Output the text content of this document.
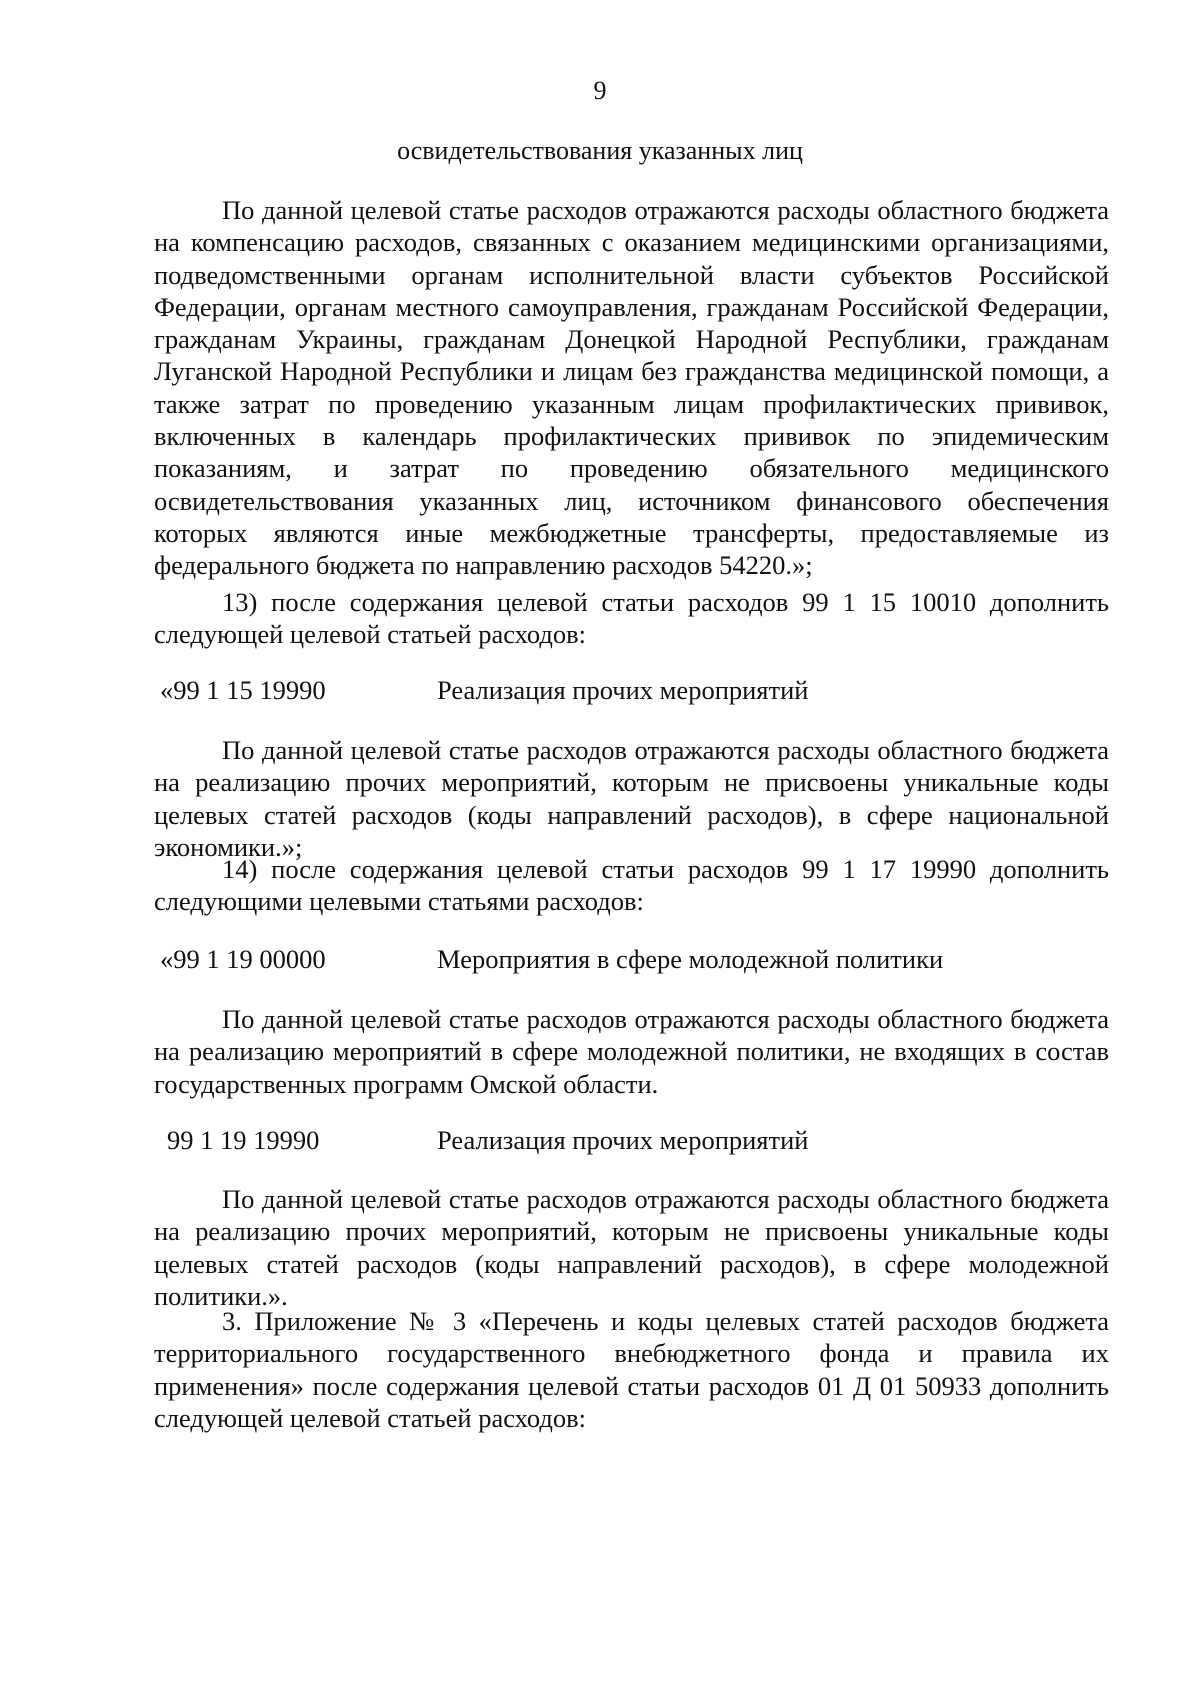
9
освидетельствования указанных лиц

По данной целевой статье расходов отражаются расходы областного бюджета на компенсацию расходов, связанных с оказанием медицинскими организациями, подведомственными органам исполнительной власти субъектов Российской Федерации, органам местного самоуправления, гражданам Российской Федерации, гражданам Украины, гражданам Донецкой Народной Республики, гражданам Луганской Народной Республики и лицам без гражданства медицинской помощи, а также затрат по проведению указанным лицам профилактических прививок, включенных в календарь профилактических прививок по эпидемическим показаниям, и затрат по проведению обязательного медицинского освидетельствования указанных лиц, источником финансового обеспечения которых являются иные межбюджетные трансферты, предоставляемые из федерального бюджета по направлению расходов 54220.»;

13) после содержания целевой статьи расходов 99 1 15 10010 дополнить следующей целевой статьей расходов:

«99 1 15 19990	Реализация прочих мероприятий

По данной целевой статье расходов отражаются расходы областного бюджета на реализацию прочих мероприятий, которым не присвоены уникальные коды целевых статей расходов (коды направлений расходов), в сфере национальной экономики.»;

14) после содержания целевой статьи расходов 99 1 17 19990 дополнить следующими целевыми статьями расходов:

«99 1 19 00000	Мероприятия в сфере молодежной политики

По данной целевой статье расходов отражаются расходы областного бюджета на реализацию мероприятий в сфере молодежной политики, не входящих в состав государственных программ Омской области.

99 1 19 19990	Реализация прочих мероприятий

По данной целевой статье расходов отражаются расходы областного бюджета на реализацию прочих мероприятий, которым не присвоены уникальные коды целевых статей расходов (коды направлений расходов), в сфере молодежной политики.».

3. Приложение № 3 «Перечень и коды целевых статей расходов бюджета территориального государственного внебюджетного фонда и правила их применения» после содержания целевой статьи расходов 01 Д 01 50933 дополнить следующей целевой статьей расходов:
